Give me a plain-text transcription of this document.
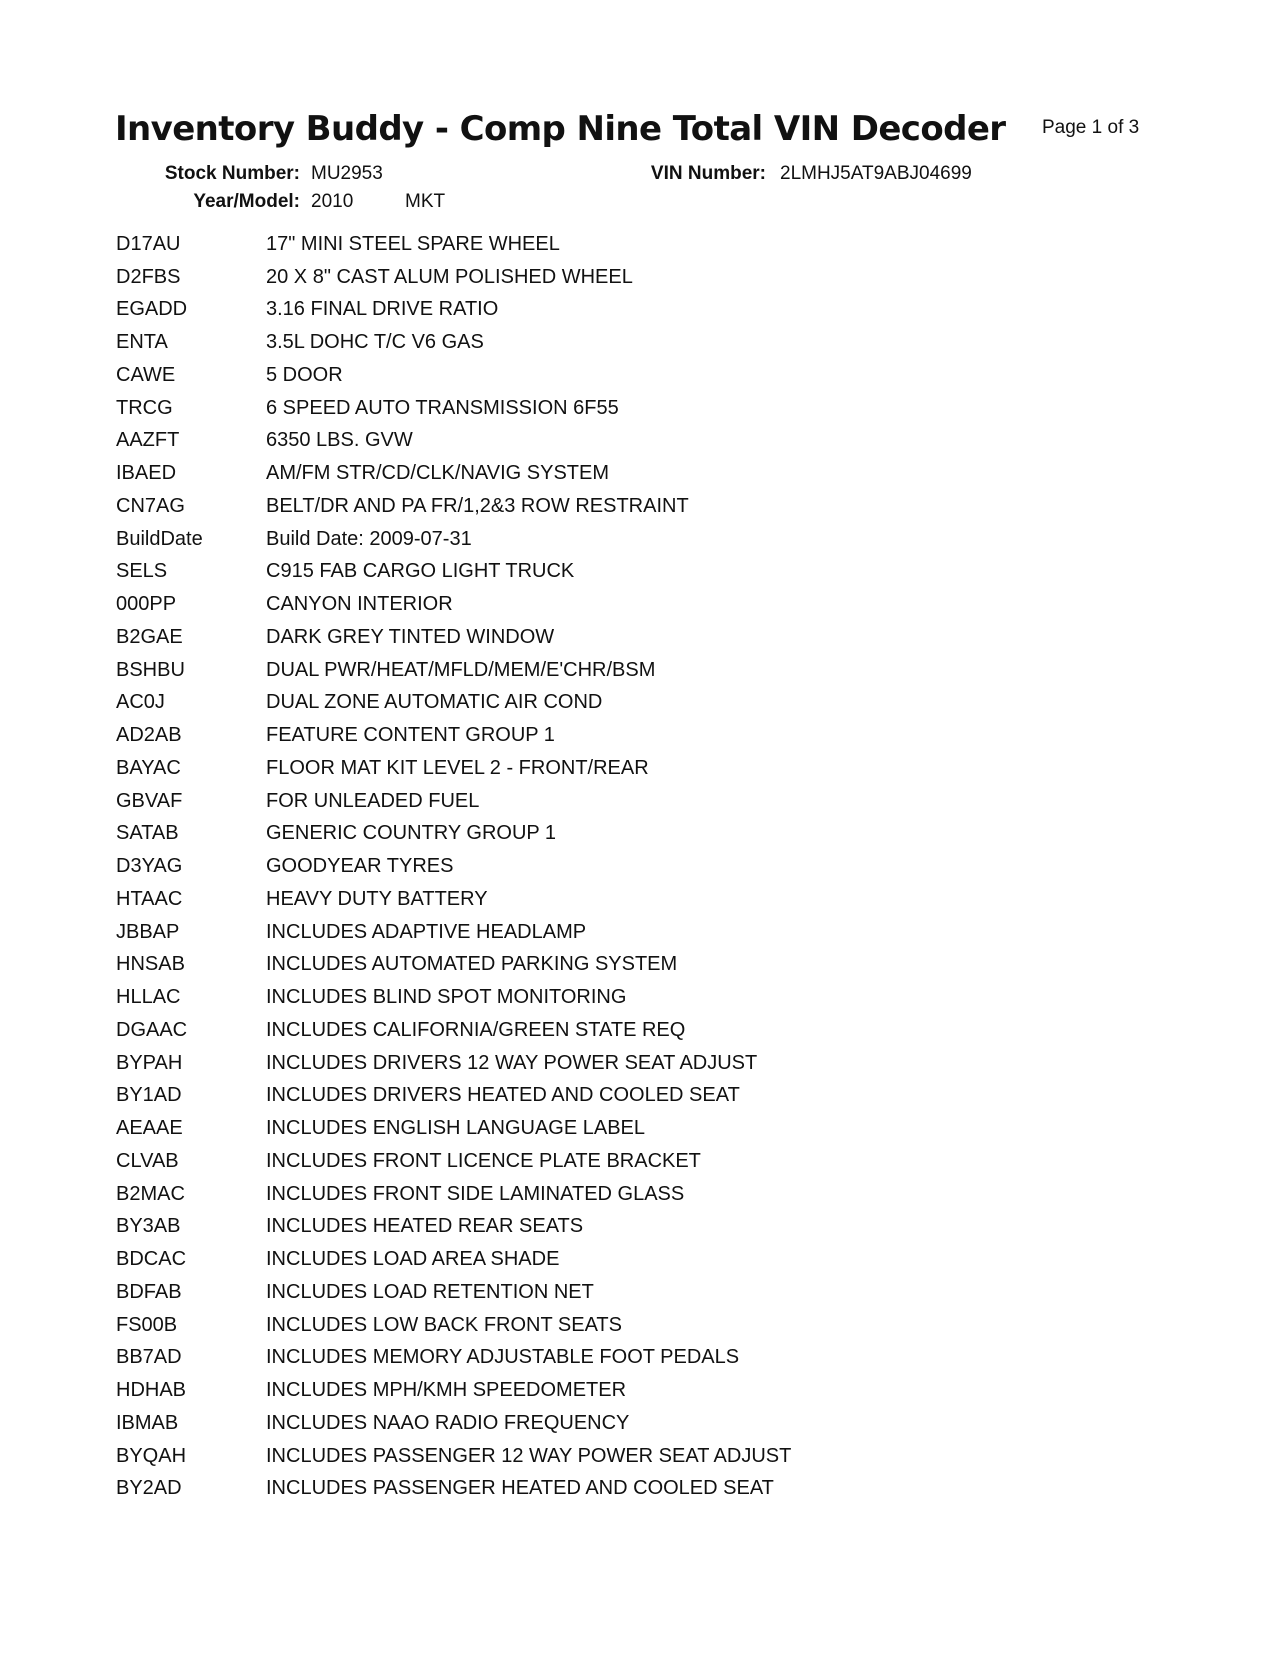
Inventory Buddy - Comp Nine Total VIN Decoder Page 1 of 3
Stock Number: MU2953	VIN Number: 2LMHJ5AT9ABJ04699
Year/Model: 2010	MKT
D17AU	17" MINI STEEL SPARE WHEEL
D2FBS	20 X 8" CAST ALUM POLISHED WHEEL
EGADD	3.16 FINAL DRIVE RATIO
ENTA	3.5L DOHC T/C V6 GAS
CAWE	5 DOOR
TRCG	6 SPEED AUTO TRANSMISSION 6F55
AAZFT	6350 LBS. GVW
IBAED	AM/FM STR/CD/CLK/NAVIG SYSTEM
CN7AG	BELT/DR AND PA FR/1,2&3 ROW RESTRAINT
BuildDate	Build Date: 2009-07-31
SELS	C915 FAB CARGO LIGHT TRUCK
000PP	CANYON INTERIOR
B2GAE	DARK GREY TINTED WINDOW
BSHBU	DUAL PWR/HEAT/MFLD/MEM/E'CHR/BSM
AC0J	DUAL ZONE AUTOMATIC AIR COND
AD2AB	FEATURE CONTENT GROUP 1
BAYAC	FLOOR MAT KIT LEVEL 2 - FRONT/REAR
GBVAF	FOR UNLEADED FUEL
SATAB	GENERIC COUNTRY GROUP 1
D3YAG	GOODYEAR TYRES
HTAAC	HEAVY DUTY BATTERY
JBBAP	INCLUDES ADAPTIVE HEADLAMP
HNSAB	INCLUDES AUTOMATED PARKING SYSTEM
HLLAC	INCLUDES BLIND SPOT MONITORING
DGAAC	INCLUDES CALIFORNIA/GREEN STATE REQ
BYPAH	INCLUDES DRIVERS 12 WAY POWER SEAT ADJUST
BY1AD	INCLUDES DRIVERS HEATED AND COOLED SEAT
AEAAE	INCLUDES ENGLISH LANGUAGE LABEL
CLVAB	INCLUDES FRONT LICENCE PLATE BRACKET
B2MAC	INCLUDES FRONT SIDE LAMINATED GLASS
BY3AB	INCLUDES HEATED REAR SEATS
BDCAC	INCLUDES LOAD AREA SHADE
BDFAB	INCLUDES LOAD RETENTION NET
FS00B	INCLUDES LOW BACK FRONT SEATS
BB7AD	INCLUDES MEMORY ADJUSTABLE FOOT PEDALS
HDHAB	INCLUDES MPH/KMH SPEEDOMETER
IBMAB	INCLUDES NAAO RADIO FREQUENCY
BYQAH	INCLUDES PASSENGER 12 WAY POWER SEAT ADJUST
BY2AD	INCLUDES PASSENGER HEATED AND COOLED SEAT
